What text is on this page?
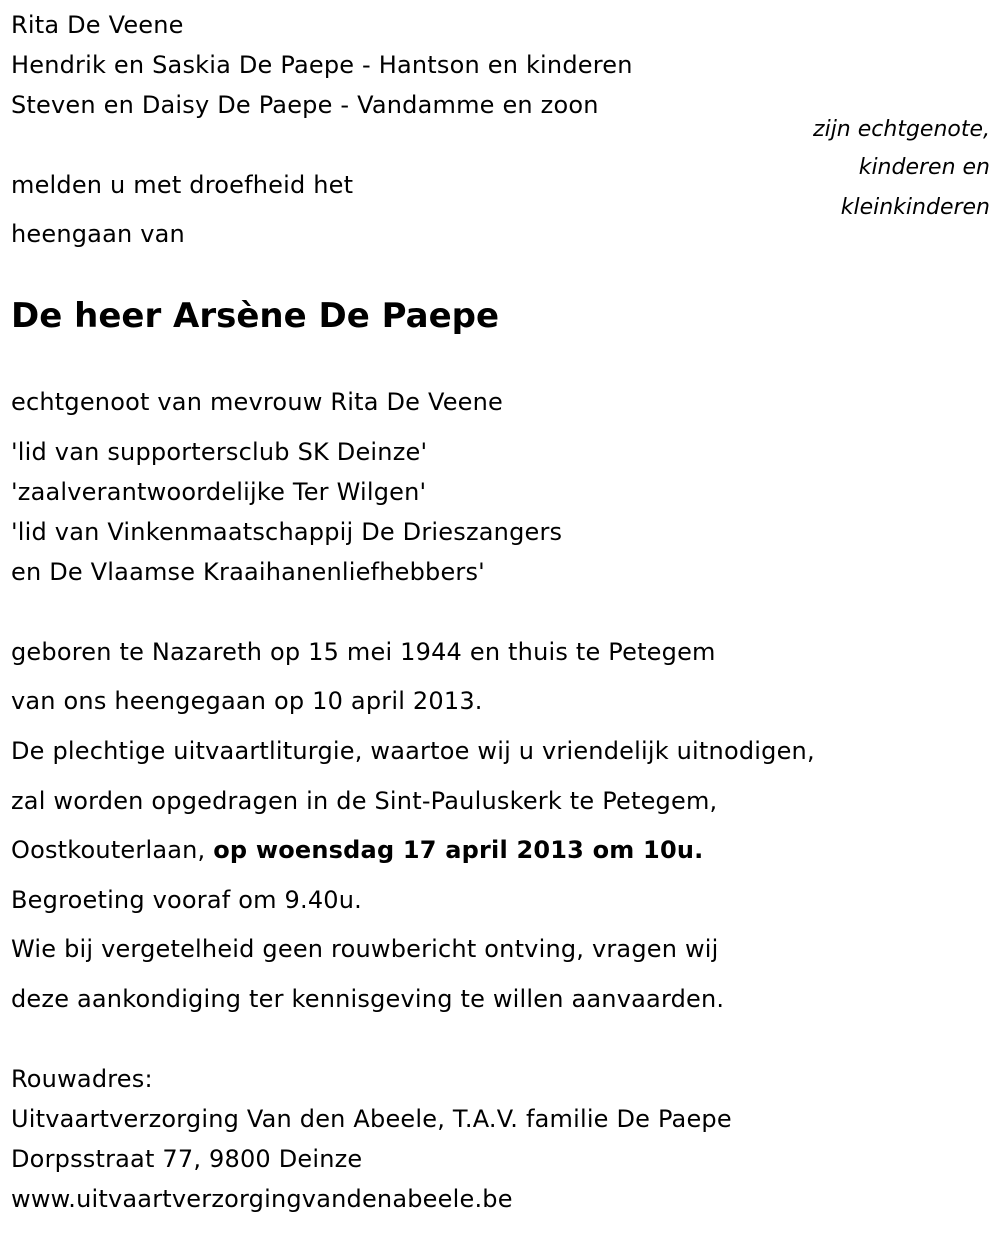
Rita De Veene
Hendrik en Saskia De Paepe - Hantson en kinderen
Steven en Daisy De Paepe - Vandamme en zoon
zijn echtgenote,
kinderen en
kleinkinderen
melden u met droefheid het
heengaan van
De heer Arsène De Paepe
echtgenoot van mevrouw Rita De Veene
'lid van supportersclub SK Deinze'
'zaalverantwoordelijke Ter Wilgen'
'lid van Vinkenmaatschappij De Drieszangers
en De Vlaamse Kraaihanenliefhebbers'
geboren te Nazareth op 15 mei 1944 en thuis te Petegem
van ons heengegaan op 10 april 2013.
De plechtige uitvaartliturgie, waartoe wij u vriendelijk uitnodigen,
zal worden opgedragen in de Sint-Pauluskerk te Petegem,
Oostkouterlaan, op woensdag 17 april 2013 om 10u.
Begroeting vooraf om 9.40u.
Wie bij vergetelheid geen rouwbericht ontving, vragen wij
deze aankondiging ter kennisgeving te willen aanvaarden.
Rouwadres:
Uitvaartverzorging Van den Abeele, T.A.V. familie De Paepe
Dorpsstraat 77, 9800 Deinze
www.uitvaartverzorgingvandenabeele.be
